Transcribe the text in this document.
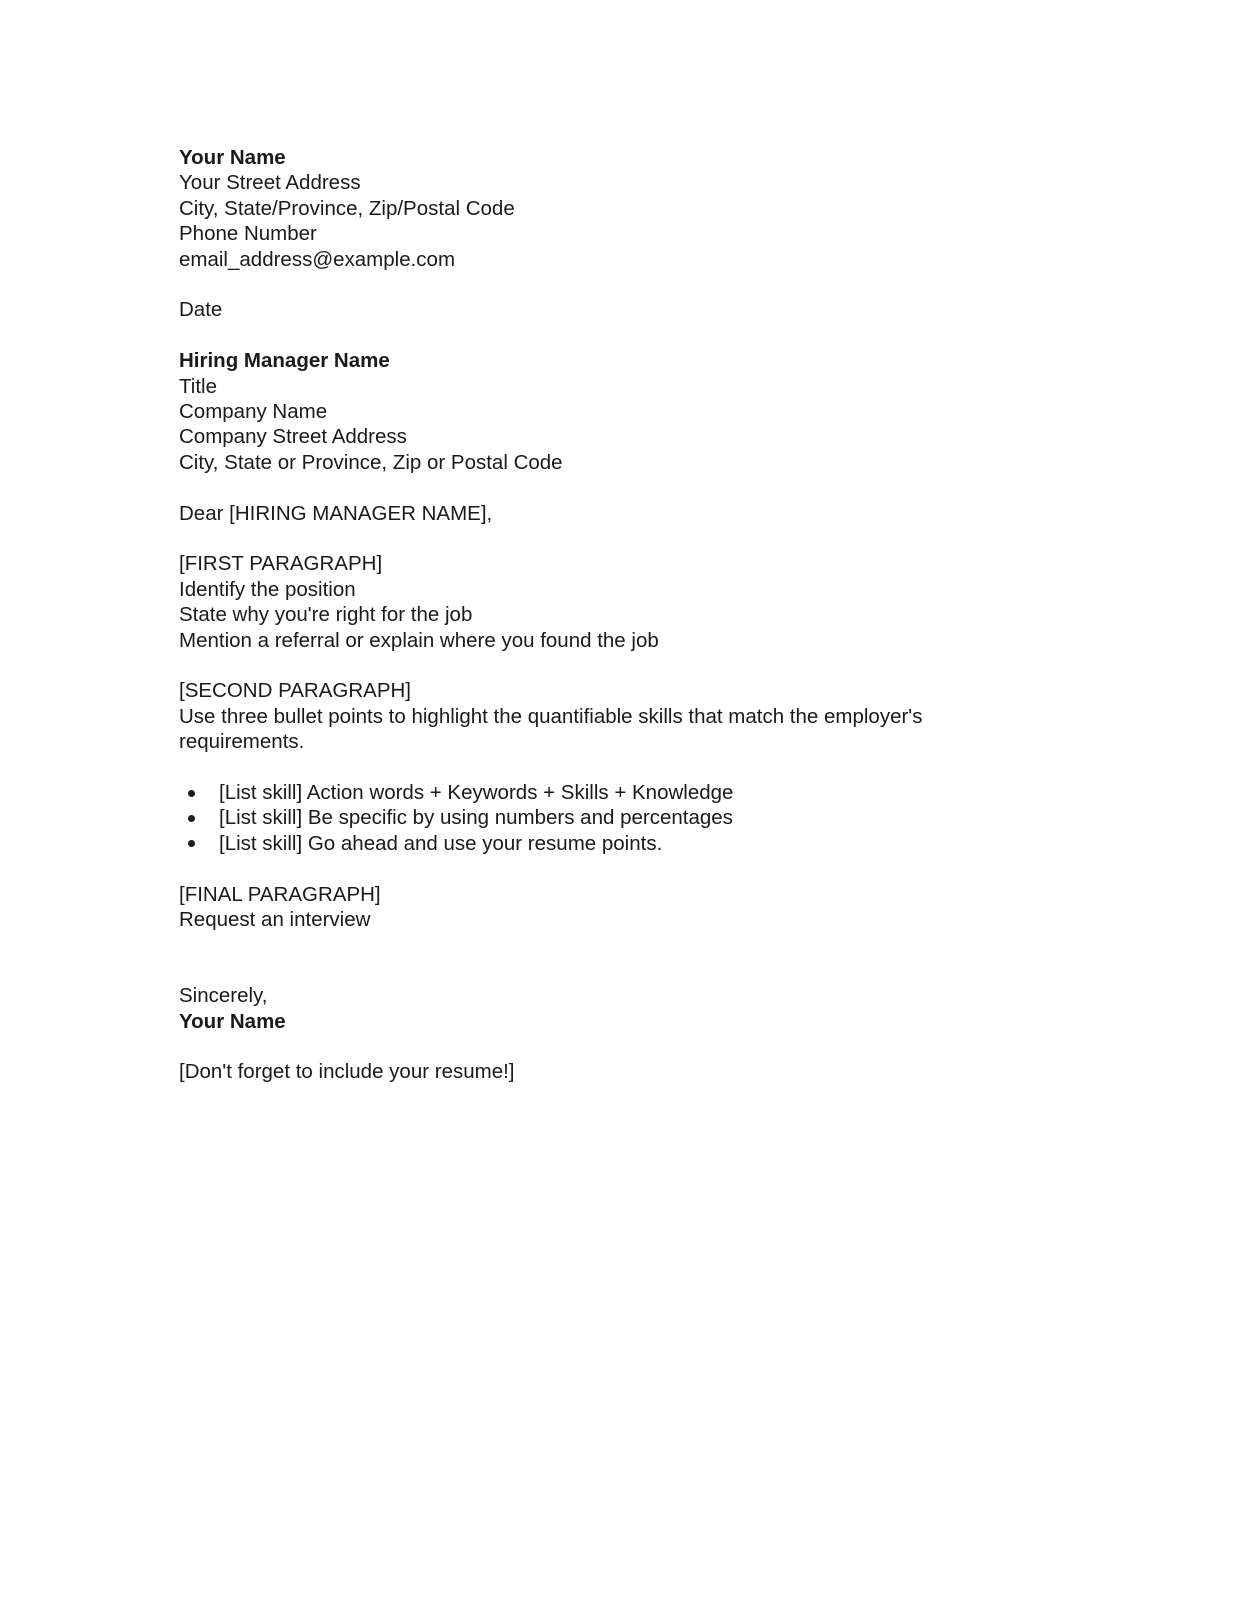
Your Name
Your Street Address
City, State/Province, Zip/Postal Code
Phone Number
email_address@example.com
Date
Hiring Manager Name
Title
Company Name
Company Street Address
City, State or Province, Zip or Postal Code
Dear [HIRING MANAGER NAME],
[FIRST PARAGRAPH]
Identify the position
State why you're right for the job
Mention a referral or explain where you found the job
[SECOND PARAGRAPH]
Use three bullet points to highlight the quantifiable skills that match the employer's
requirements.
[List skill] Action words + Keywords + Skills + Knowledge
[List skill] Be specific by using numbers and percentages
[List skill] Go ahead and use your resume points.
[FINAL PARAGRAPH]
Request an interview
Sincerely,
Your Name
[Don't forget to include your resume!]
